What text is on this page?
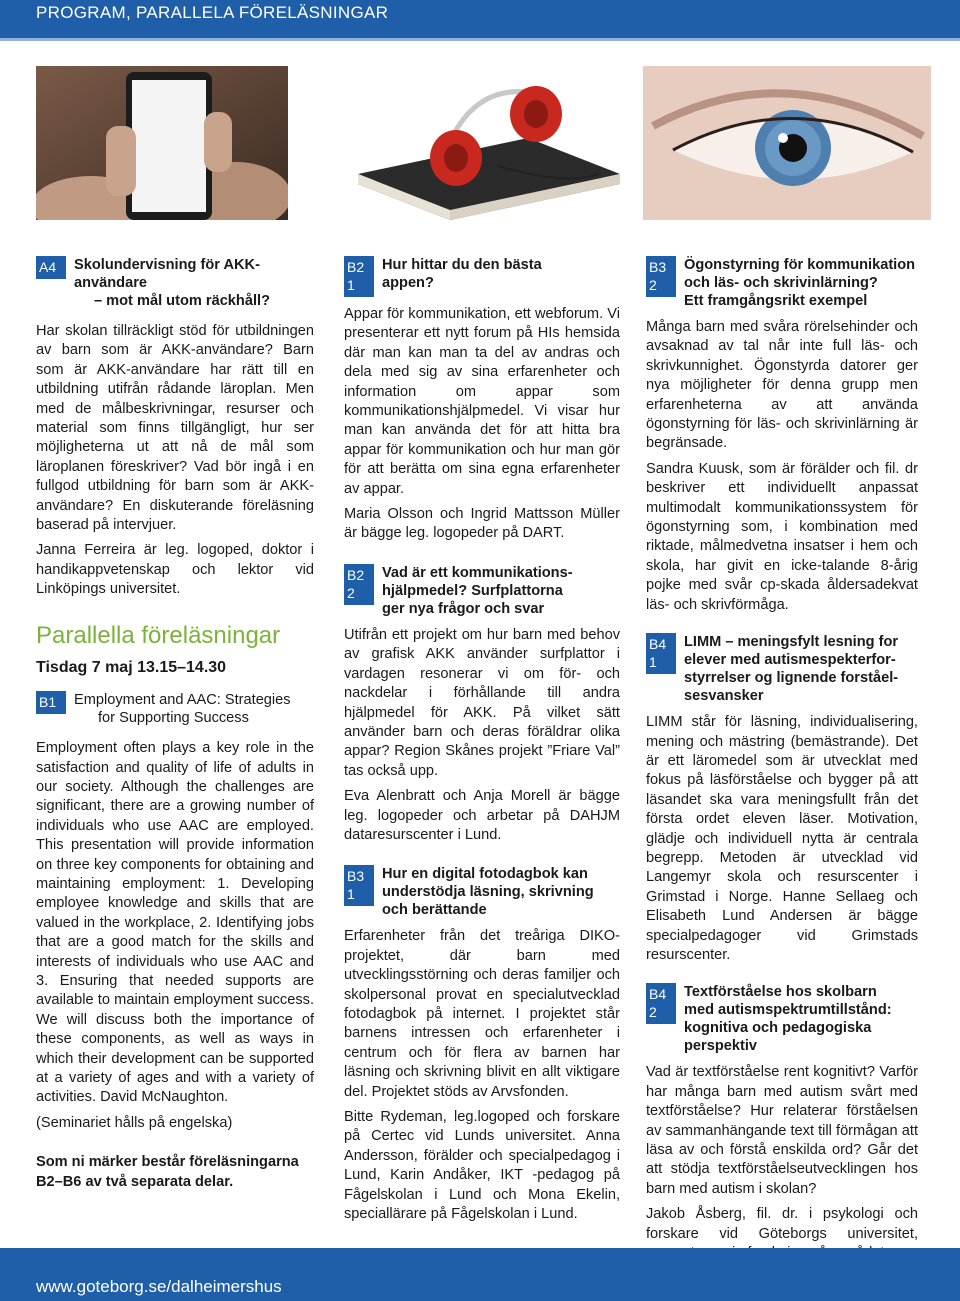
PROGRAM, PARALLELA FÖRELÄSNINGAR
A4	Skolundervisning för AKK-användare
– mot mål utom räckhåll?

Har skolan tillräckligt stöd för utbildningen av barn som är AKK-användare? Barn som är AKK-användare har rätt till en utbildning utifrån rådande läroplan. Men med de målbeskrivningar, resurser och material som finns tillgängligt, hur ser möjligheterna ut att nå de mål som läroplanen föreskriver? Vad bör ingå i en fullgod utbildning för barn som är AKK-användare? En diskuterande föreläsning baserad på intervjuer.

Janna Ferreira är leg. logoped, doktor i handikappvetenskap och lektor vid Linköpings universitet.

Parallella föreläsningar
Tisdag 7 maj 13.15–14.30
B1	Employment and AAC: Strategies
for Supporting Success

Employment often plays a key role in the satisfaction and quality of life of adults in our society. Although the challenges are significant, there are a growing number of individuals who use AAC are employed. This presentation will provide information on three key components for obtaining and maintaining employment: 1. Developing employee knowledge and skills that are valued in the workplace, 2. Identifying jobs that are a good match for the skills and interests of individuals who use AAC and 3. Ensuring that needed supports are available to maintain employment success. We will discuss both the importance of these components, as well as ways in which their development can be supported at a variety of ages and with a variety of activities. David McNaughton.

(Seminariet hålls på engelska)

Som ni märker består föreläsningarna B2–B6 av två separata delar.

B2
1
Hur hittar du den bästa
appen?

Appar för kommunikation, ett webforum. Vi presenterar ett nytt forum på HIs hemsida där man kan man ta del av andras och dela med sig av sina erfarenheter och information om appar som kommunikationshjälpmedel. Vi visar hur man kan använda det för att hitta bra appar för kommunikation och hur man gör för att berätta om sina egna erfarenheter av appar.

Maria Olsson och Ingrid Mattsson Müller är bägge leg. logopeder på DART.

B2
2
Vad är ett kommunikations-
hjälpmedel? Surfplattorna
ger nya frågor och svar

Utifrån ett projekt om hur barn med behov av grafisk AKK använder surfplattor i vardagen resonerar vi om för- och nackdelar i förhållande till andra hjälpmedel för AKK. På vilket sätt använder barn och deras föräldrar olika appar? Region Skånes projekt ”Friare Val” tas också upp.

Eva Alenbratt och Anja Morell är bägge leg. logopeder och arbetar på DAHJM dataresurscenter i Lund.

B3
1
Hur en digital fotodagbok kan
understödja läsning, skrivning
och berättande

Erfarenheter från det treåriga DIKO- projektet, där barn med utvecklingsstörning och deras familjer och skolpersonal provat en specialutvecklad fotodagbok på internet. I projektet står barnens intressen och erfarenheter i centrum och för flera av barnen har läsning och skrivning blivit en allt viktigare del. Projektet stöds av Arvsfonden.

Bitte Rydeman, leg.logoped och forskare på Certec vid Lunds universitet. Anna Andersson, förälder och specialpedagog i Lund, Karin Andåker, IKT -pedagog på Fågelskolan i Lund och Mona Ekelin, speciallärare på Fågelskolan i Lund.

B3
2
Ögonstyrning för kommunikation
och läs- och skrivinlärning?
Ett framgångsrikt exempel

Många barn med svåra rörelsehinder och avsaknad av tal når inte full läs- och skrivkunnighet. Ögonstyrda datorer ger nya möjligheter för denna grupp men erfarenheterna av att använda ögonstyrning för läs- och skrivinlärning är begränsade.

Sandra Kuusk, som är förälder och fil. dr beskriver ett individuellt anpassat multimodalt kommunikationssystem för ögonstyrning som, i kombination med riktade, målmedvetna insatser i hem och skola, har givit en icke-talande 8-årig pojke med svår cp-skada åldersadekvat läs- och skrivförmåga.

B4
1
LIMM – meningsfylt lesning for
elever med autismespekterfor-
styrrelser og lignende forståel-
sesvansker

LIMM står för läsning, individualisering, mening och mästring (bemästrande). Det är ett läromedel som är utvecklat med fokus på läsförståelse och bygger på att läsandet ska vara meningsfullt från det första ordet eleven läser. Motivation, glädje och individuell nytta är centrala begrepp. Metoden är utvecklad vid Langemyr skola och resurscenter i Grimstad i Norge. Hanne Sellaeg och Elisabeth Lund Andersen är bägge specialpedagoger vid Grimstads resurscenter.

B4
2
Textförståelse hos skolbarn
med autismspektrumtillstånd:
kognitiva och pedagogiska
perspektiv

Vad är textförståelse rent kognitivt? Varför har många barn med autism svårt med textförståelse? Hur relaterar förståelsen av sammanhängande text till förmågan att läsa av och förstå enskilda ord? Går det att stödja textförståelseutvecklingen hos barn med autism i skolan?

Jakob Åsberg, fil. dr. i psykologi och forskare vid Göteborgs universitet,

www.goteborg.se/dalheimershus
